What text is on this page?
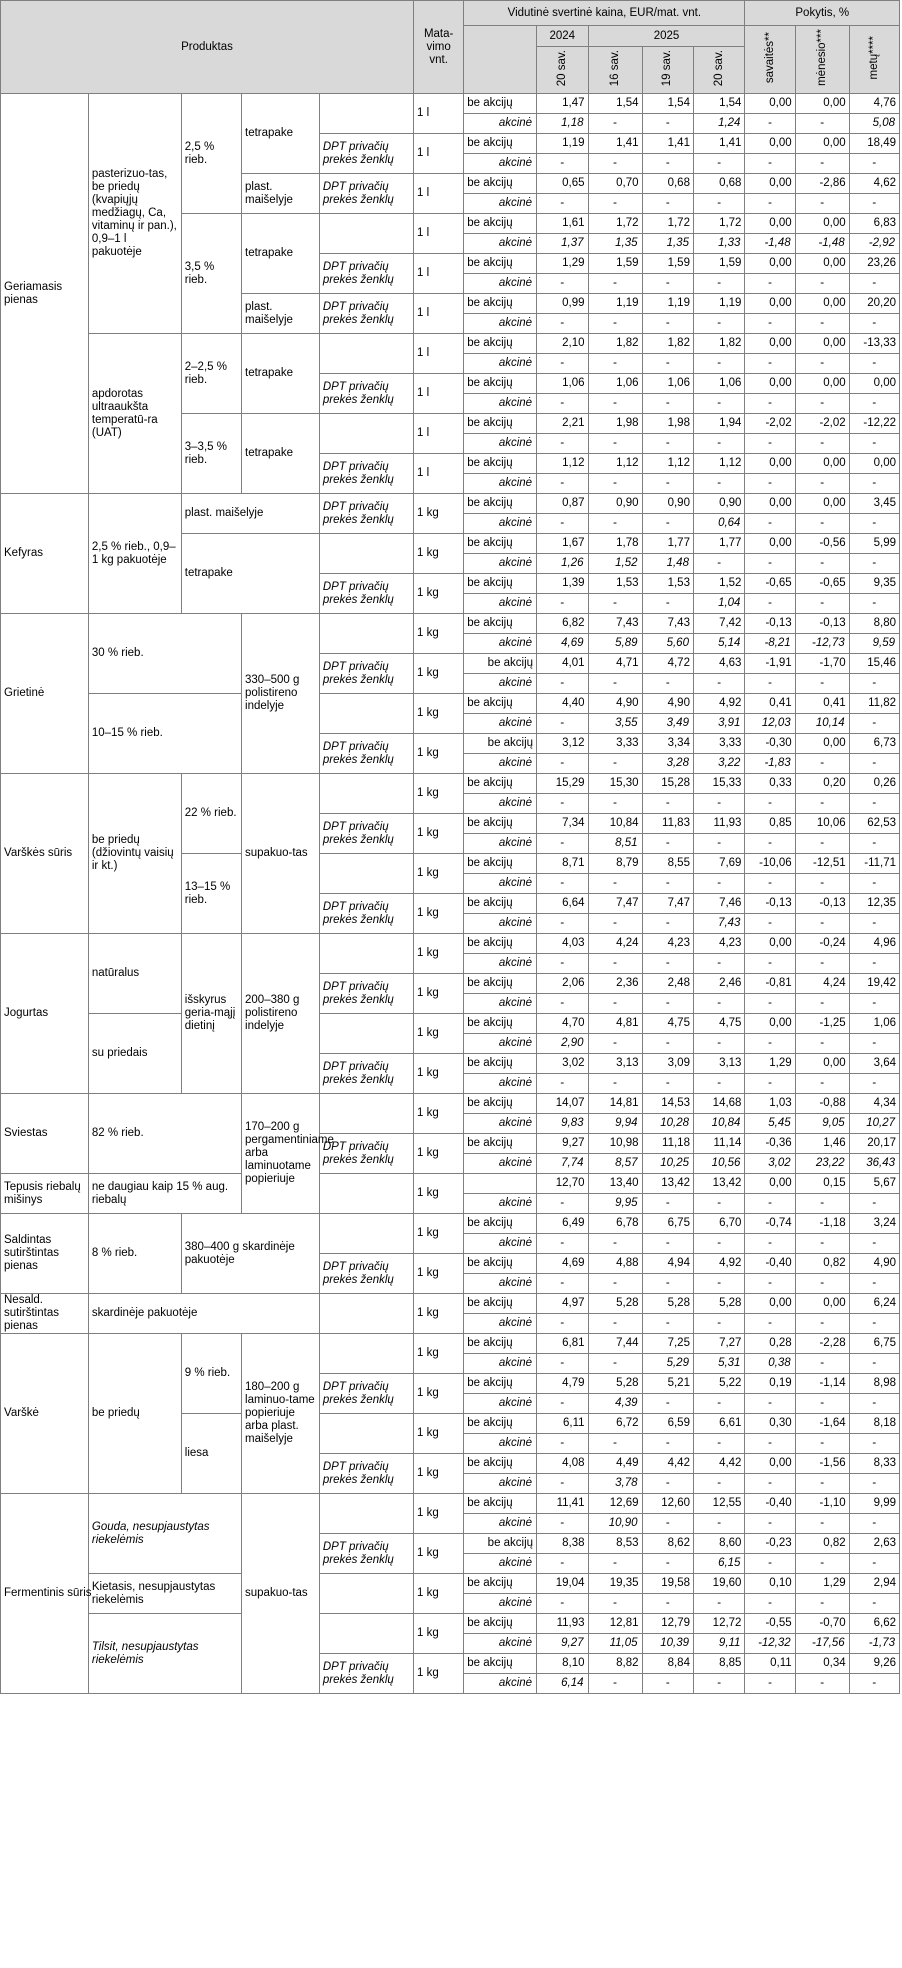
Produktas					Mata-vimo vnt.	Vidutinė svertinė kaina, EUR/mat. vnt.					Pokytis, %		
							2024	2025			savaitės**	mėnesio***	metų****
							20 sav.	16 sav.	19 sav.	20 sav.			
Geriamasis pienas	pasterizuo-tas, be priedų (kvapiųjų medžiagų, Ca, vitaminų ir pan.), 0,9–1 l pakuotėje	2,5 % rieb.	tetrapake		1 l	be akcijų	1,47	1,54	1,54	1,54	0,00	0,00	4,76
						akcinė	1,18	-	-	1,24	-	-	5,08
				DPT privačių prekės ženklų	1 l	be akcijų	1,19	1,41	1,41	1,41	0,00	0,00	18,49
						akcinė	-	-	-	-	-	-	-
			plast. maišelyje	DPT privačių prekės ženklų	1 l	be akcijų	0,65	0,70	0,68	0,68	0,00	-2,86	4,62
						akcinė	-	-	-	-	-	-	-
		3,5 % rieb.	tetrapake		1 l	be akcijų	1,61	1,72	1,72	1,72	0,00	0,00	6,83
						akcinė	1,37	1,35	1,35	1,33	-1,48	-1,48	-2,92
				DPT privačių prekės ženklų	1 l	be akcijų	1,29	1,59	1,59	1,59	0,00	0,00	23,26
						akcinė	-	-	-	-	-	-	-
			plast. maišelyje	DPT privačių prekės ženklų	1 l	be akcijų	0,99	1,19	1,19	1,19	0,00	0,00	20,20
						akcinė	-	-	-	-	-	-	-
	apdorotas ultraaukšta temperatū-ra (UAT)	2–2,5 % rieb.	tetrapake		1 l	be akcijų	2,10	1,82	1,82	1,82	0,00	0,00	-13,33
						akcinė	-	-	-	-	-	-	-
				DPT privačių prekės ženklų	1 l	be akcijų	1,06	1,06	1,06	1,06	0,00	0,00	0,00
						akcinė	-	-	-	-	-	-	-
		3–3,5 % rieb.	tetrapake		1 l	be akcijų	2,21	1,98	1,98	1,94	-2,02	-2,02	-12,22
						akcinė	-	-	-	-	-	-	-
				DPT privačių prekės ženklų	1 l	be akcijų	1,12	1,12	1,12	1,12	0,00	0,00	0,00
						akcinė	-	-	-	-	-	-	-
Kefyras	2,5 % rieb., 0,9–1 kg pakuotėje	plast. maišelyje		DPT privačių prekės ženklų	1 kg	be akcijų	0,87	0,90	0,90	0,90	0,00	0,00	3,45
						akcinė	-	-	-	0,64	-	-	-
		tetrapake			1 kg	be akcijų	1,67	1,78	1,77	1,77	0,00	-0,56	5,99
						akcinė	1,26	1,52	1,48	-	-	-	-
				DPT privačių prekės ženklų	1 kg	be akcijų	1,39	1,53	1,53	1,52	-0,65	-0,65	9,35
						akcinė	-	-	-	1,04	-	-	-
Grietinė	30 % rieb.		330–500 g polistireno indelyje		1 kg	be akcijų	6,82	7,43	7,43	7,42	-0,13	-0,13	8,80
						akcinė	4,69	5,89	5,60	5,14	-8,21	-12,73	9,59
				DPT privačių prekės ženklų	1 kg	be akcijų	4,01	4,71	4,72	4,63	-1,91	-1,70	15,46
						akcinė	-	-	-	-	-	-	-
	10–15 % rieb.				1 kg	be akcijų	4,40	4,90	4,90	4,92	0,41	0,41	11,82
						akcinė	-	3,55	3,49	3,91	12,03	10,14	-
				DPT privačių prekės ženklų	1 kg	be akcijų	3,12	3,33	3,34	3,33	-0,30	0,00	6,73
						akcinė	-	-	3,28	3,22	-1,83	-	-
Varškės sūris	be priedų (džiovintų vaisių ir kt.)	22 % rieb.	supakuo-tas		1 kg	be akcijų	15,29	15,30	15,28	15,33	0,33	0,20	0,26
						akcinė	-	-	-	-	-	-	-
				DPT privačių prekės ženklų	1 kg	be akcijų	7,34	10,84	11,83	11,93	0,85	10,06	62,53
						akcinė	-	8,51	-	-	-	-	-
		13–15 % rieb.			1 kg	be akcijų	8,71	8,79	8,55	7,69	-10,06	-12,51	-11,71
						akcinė	-	-	-	-	-	-	-
				DPT privačių prekės ženklų	1 kg	be akcijų	6,64	7,47	7,47	7,46	-0,13	-0,13	12,35
						akcinė	-	-	-	7,43	-	-	-
Jogurtas	natūralus	išskyrus geria-mąjį dietinį	200–380 g polistireno indelyje		1 kg	be akcijų	4,03	4,24	4,23	4,23	0,00	-0,24	4,96
						akcinė	-	-	-	-	-	-	-
				DPT privačių prekės ženklų	1 kg	be akcijų	2,06	2,36	2,48	2,46	-0,81	4,24	19,42
						akcinė	-	-	-	-	-	-	-
	su priedais				1 kg	be akcijų	4,70	4,81	4,75	4,75	0,00	-1,25	1,06
						akcinė	2,90	-	-	-	-	-	-
				DPT privačių prekės ženklų	1 kg	be akcijų	3,02	3,13	3,09	3,13	1,29	0,00	3,64
						akcinė	-	-	-	-	-	-	-
Sviestas	82 % rieb.		170–200 g pergamentiniame arba laminuotame popieriuje		1 kg	be akcijų	14,07	14,81	14,53	14,68	1,03	-0,88	4,34
						akcinė	9,83	9,94	10,28	10,84	5,45	9,05	10,27
				DPT privačių prekės ženklų	1 kg	be akcijų	9,27	10,98	11,18	11,14	-0,36	1,46	20,17
						akcinė	7,74	8,57	10,25	10,56	3,02	23,22	36,43
Tepusis riebalų mišinys	ne daugiau kaip 15 % aug. riebalų				1 kg		12,70	13,40	13,42	13,42	0,00	0,15	5,67
						akcinė	-	9,95	-	-	-	-	-
Saldintas sutirštintas pienas	8 % rieb.	380–400 g skardinėje pakuotėje			1 kg	be akcijų	6,49	6,78	6,75	6,70	-0,74	-1,18	3,24
						akcinė	-	-	-	-	-	-	-
				DPT privačių prekės ženklų	1 kg	be akcijų	4,69	4,88	4,94	4,92	-0,40	0,82	4,90
						akcinė	-	-	-	-	-	-	-
Nesald. sutirštintas pienas	skardinėje pakuotėje				1 kg	be akcijų	4,97	5,28	5,28	5,28	0,00	0,00	6,24
						akcinė	-	-	-	-	-	-	-
Varškė	be priedų	9 % rieb.	180–200 g laminuo-tame popieriuje arba plast. maišelyje		1 kg	be akcijų	6,81	7,44	7,25	7,27	0,28	-2,28	6,75
						akcinė	-	-	5,29	5,31	0,38	-	-
				DPT privačių prekės ženklų	1 kg	be akcijų	4,79	5,28	5,21	5,22	0,19	-1,14	8,98
						akcinė	-	4,39	-	-	-	-	-
		liesa			1 kg	be akcijų	6,11	6,72	6,59	6,61	0,30	-1,64	8,18
						akcinė	-	-	-	-	-	-	-
				DPT privačių prekės ženklų	1 kg	be akcijų	4,08	4,49	4,42	4,42	0,00	-1,56	8,33
						akcinė	-	3,78	-	-	-	-	-
Fermentinis sūris	Gouda, nesupjaustytas riekelėmis		supakuo-tas		1 kg	be akcijų	11,41	12,69	12,60	12,55	-0,40	-1,10	9,99
						akcinė	-	10,90	-	-	-	-	-
				DPT privačių prekės ženklų	1 kg	be akcijų	8,38	8,53	8,62	8,60	-0,23	0,82	2,63
						akcinė	-	-	-	6,15	-	-	-
	Kietasis, nesupjaustytas riekelėmis				1 kg	be akcijų	19,04	19,35	19,58	19,60	0,10	1,29	2,94
						akcinė	-	-	-	-	-	-	-
	Tilsit, nesupjaustytas riekelėmis				1 kg	be akcijų	11,93	12,81	12,79	12,72	-0,55	-0,70	6,62
						akcinė	9,27	11,05	10,39	9,11	-12,32	-17,56	-1,73
				DPT privačių prekės ženklų	1 kg	be akcijų	8,10	8,82	8,84	8,85	0,11	0,34	9,26
						akcinė	6,14	-	-	-	-	-	-
